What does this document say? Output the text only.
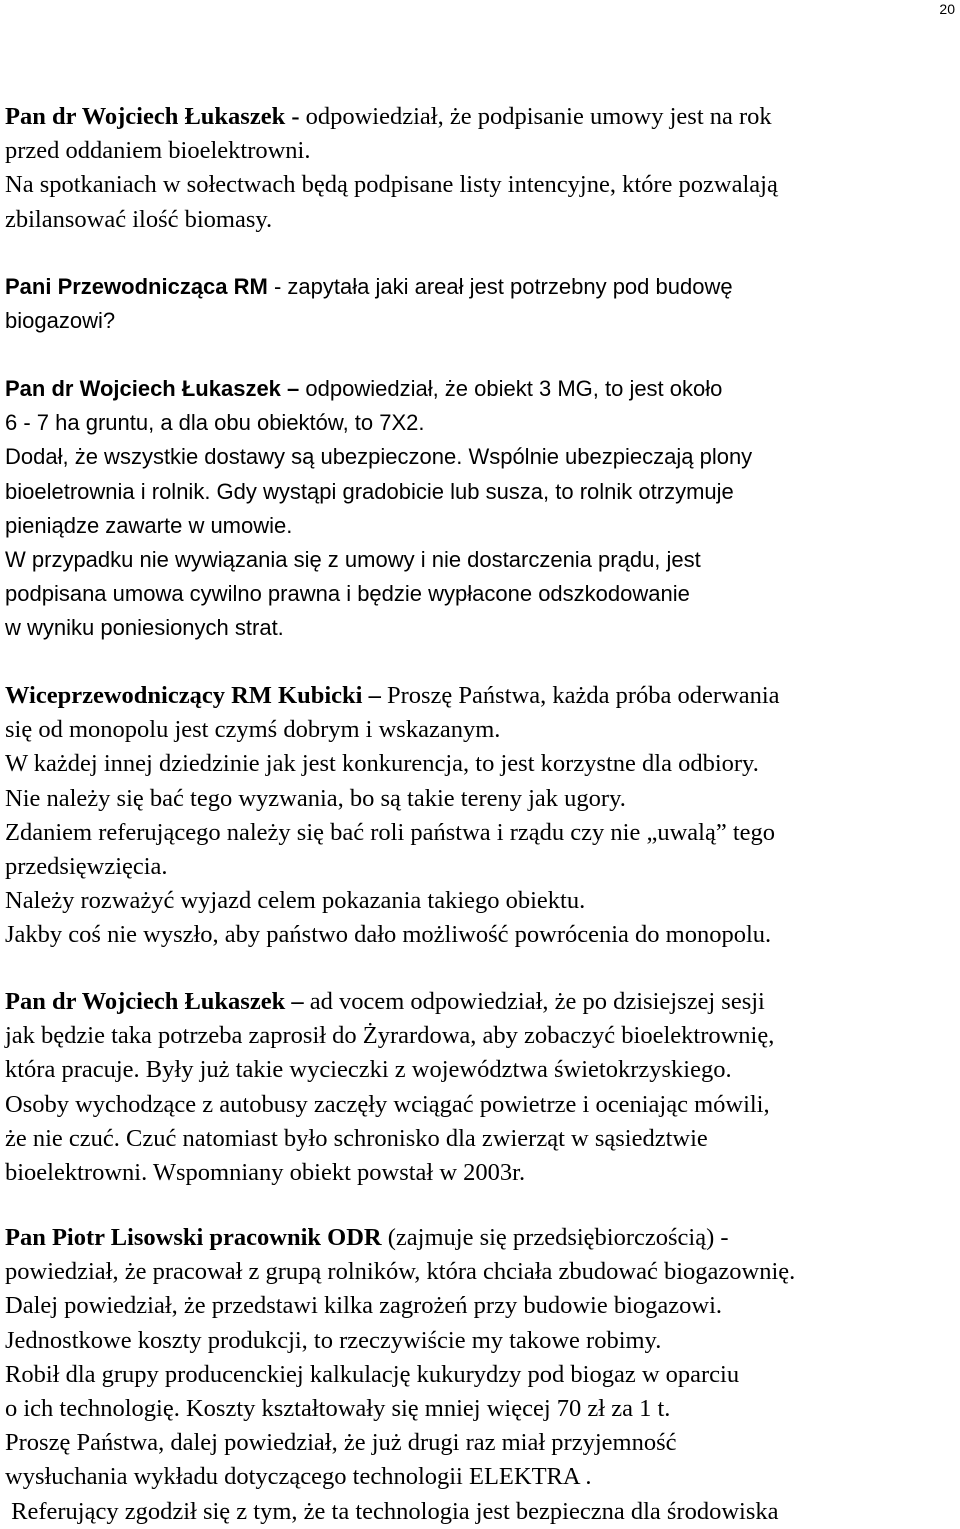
20
Pan dr Wojciech Łukaszek - odpowiedział, że podpisanie umowy jest na rok
przed oddaniem bioelektrowni.
Na spotkaniach w sołectwach będą podpisane listy intencyjne, które pozwalają
zbilansować ilość biomasy.
Pani Przewodnicząca RM - zapytała jaki areał jest potrzebny pod budowę
biogazowi?
Pan dr Wojciech Łukaszek – odpowiedział, że obiekt 3 MG, to jest około
6 - 7 ha gruntu, a dla obu obiektów, to 7X2.
Dodał, że wszystkie dostawy są ubezpieczone. Wspólnie ubezpieczają plony
bioeletrownia i rolnik. Gdy wystąpi gradobicie lub susza, to rolnik otrzymuje
pieniądze zawarte w umowie.
W przypadku nie wywiązania się z umowy i nie dostarczenia prądu, jest
podpisana umowa cywilno prawna i będzie wypłacone odszkodowanie
w wyniku poniesionych strat.
Wiceprzewodniczący RM Kubicki – Proszę Państwa, każda próba oderwania
się od monopolu jest czymś dobrym i wskazanym.
W każdej innej dziedzinie jak jest konkurencja, to jest korzystne dla odbiory.
Nie należy się bać tego wyzwania, bo są takie tereny jak ugory.
Zdaniem referującego należy się bać roli państwa i rządu czy nie „uwalą” tego
przedsięwzięcia.
Należy rozważyć wyjazd celem pokazania takiego obiektu.
Jakby coś nie wyszło, aby państwo dało możliwość powrócenia do monopolu.
Pan dr Wojciech Łukaszek – ad vocem odpowiedział, że po dzisiejszej sesji
jak będzie taka potrzeba zaprosił do Żyrardowa, aby zobaczyć bioelektrownię,
która pracuje. Były już takie wycieczki z województwa świetokrzyskiego.
Osoby wychodzące z autobusy zaczęły wciągać powietrze i oceniając mówili,
że nie czuć. Czuć natomiast było schronisko dla zwierząt w sąsiedztwie
bioelektrowni. Wspomniany obiekt powstał w 2003r.
Pan Piotr Lisowski pracownik ODR (zajmuje się przedsiębiorczością) -
powiedział, że pracował z grupą rolników, która chciała zbudować biogazownię.
Dalej powiedział, że przedstawi kilka zagrożeń przy budowie biogazowi.
Jednostkowe koszty produkcji, to rzeczywiście my takowe robimy.
Robił dla grupy producenckiej kalkulację kukurydzy pod biogaz w oparciu
o ich technologię. Koszty kształtowały się mniej więcej 70 zł za 1 t.
Proszę Państwa, dalej powiedział, że już drugi raz miał przyjemność
wysłuchania wykładu dotyczącego technologii ELEKTRA .
Referujący zgodził się z tym, że ta technologia jest bezpieczna dla środowiska
